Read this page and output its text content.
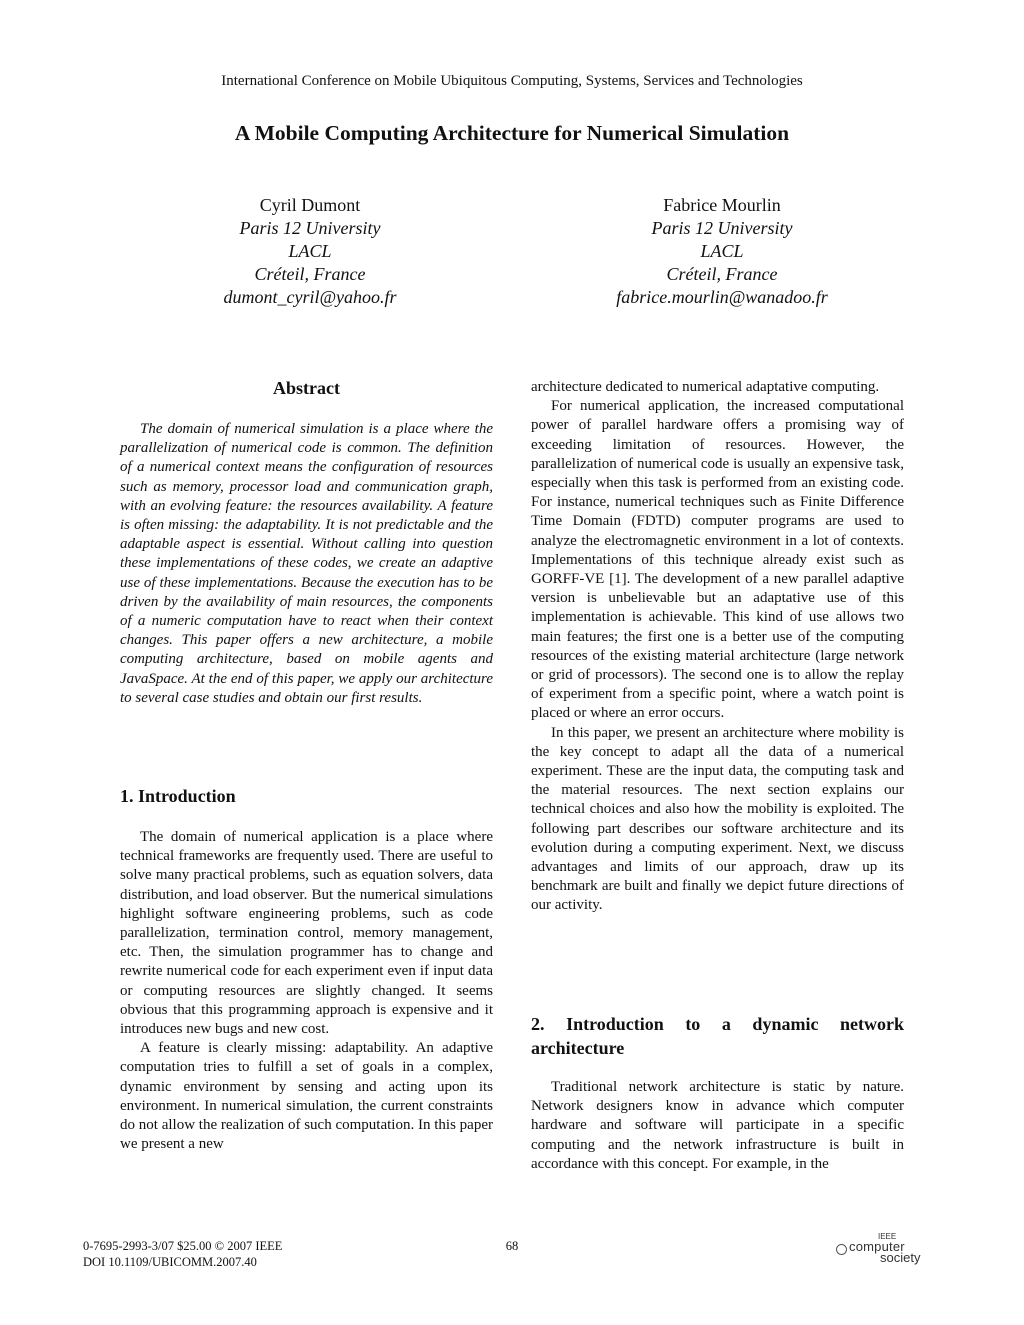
International Conference on Mobile Ubiquitous Computing, Systems, Services and Technologies
A Mobile Computing Architecture for Numerical Simulation
Cyril Dumont
Paris 12 University
LACL
Créteil, France
dumont_cyril@yahoo.fr
Fabrice Mourlin
Paris 12 University
LACL
Créteil, France
fabrice.mourlin@wanadoo.fr
Abstract

The domain of numerical simulation is a place where the parallelization of numerical code is common. The definition of a numerical context means the configuration of resources such as memory, processor load and communication graph, with an evolving feature: the resources availability. A feature is often missing: the adaptability. It is not predictable and the adaptable aspect is essential. Without calling into question these implementations of these codes, we create an adaptive use of these implementations. Because the execution has to be driven by the availability of main resources, the components of a numeric computation have to react when their context changes. This paper offers a new architecture, a mobile computing architecture, based on mobile agents and JavaSpace. At the end of this paper, we apply our architecture to several case studies and obtain our first results.

1. Introduction

The domain of numerical application is a place where technical frameworks are frequently used. There are useful to solve many practical problems, such as equation solvers, data distribution, and load observer. But the numerical simulations highlight software engineering problems, such as code parallelization, termination control, memory management, etc. Then, the simulation programmer has to change and rewrite numerical code for each experiment even if input data or computing resources are slightly changed. It seems obvious that this programming approach is expensive and it introduces new bugs and new cost.

A feature is clearly missing: adaptability. An adaptive computation tries to fulfill a set of goals in a complex, dynamic environment by sensing and acting upon its environment. In numerical simulation, the current constraints do not allow the realization of such computation. In this paper we present a new

architecture dedicated to numerical adaptative computing.

For numerical application, the increased computational power of parallel hardware offers a promising way of exceeding limitation of resources. However, the parallelization of numerical code is usually an expensive task, especially when this task is performed from an existing code. For instance, numerical techniques such as Finite Difference Time Domain (FDTD) computer programs are used to analyze the electromagnetic environment in a lot of contexts. Implementations of this technique already exist such as GORFF-VE [1]. The development of a new parallel adaptive version is unbelievable but an adaptative use of this implementation is achievable. This kind of use allows two main features; the first one is a better use of the computing resources of the existing material architecture (large network or grid of processors). The second one is to allow the replay of experiment from a specific point, where a watch point is placed or where an error occurs.

In this paper, we present an architecture where mobility is the key concept to adapt all the data of a numerical experiment. These are the input data, the computing task and the material resources. The next section explains our technical choices and also how the mobility is exploited. The following part describes our software architecture and its evolution during a computing experiment. Next, we discuss advantages and limits of our approach, draw up its benchmark are built and finally we depict future directions of our activity.

2. Introduction to a dynamic network architecture

Traditional network architecture is static by nature. Network designers know in advance which computer hardware and software will participate in a specific computing and the network infrastructure is built in accordance with this concept. For example, in the

0-7695-2993-3/07 $25.00 © 2007 IEEE
DOI 10.1109/UBICOMM.2007.40
68
IEEE
computer
society
